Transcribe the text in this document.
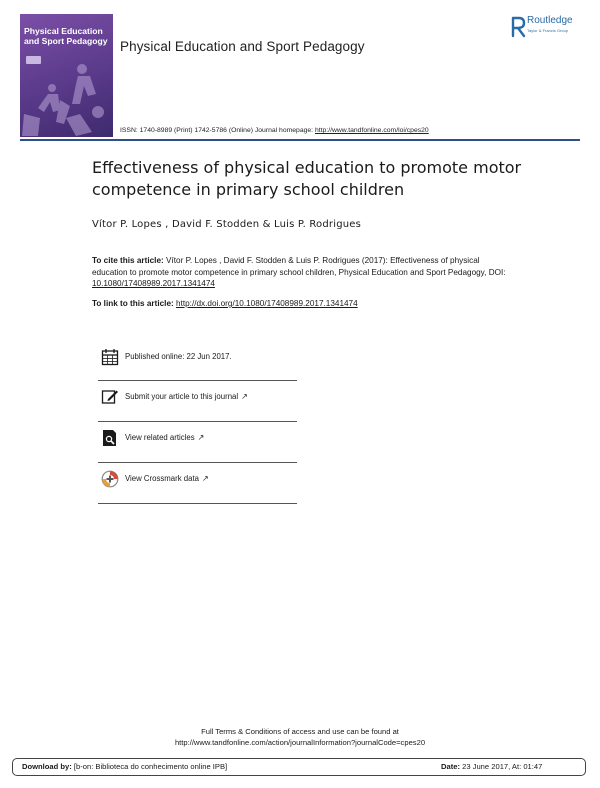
Physical Education
and Sport Pedagogy Physical Education and Sport Pedagogy
Routledge
Taylor & Francis Group
ISSN: 1740-8989 (Print) 1742-5786 (Online) Journal homepage: http://www.tandfonline.com/loi/cpes20
Effectiveness of physical education to promote motor competence in primary school children
Vítor P. Lopes , David F. Stodden & Luis P. Rodrigues
To cite this article: Vítor P. Lopes , David F. Stodden & Luis P. Rodrigues (2017): Effectiveness of physical education to promote motor competence in primary school children, Physical Education and Sport Pedagogy, DOI: 10.1080/17408989.2017.1341474
To link to this article: http://dx.doi.org/10.1080/17408989.2017.1341474
Published online: 22 Jun 2017.
Submit your article to this journal ↗
View related articles ↗
View Crossmark data ↗
Full Terms & Conditions of access and use can be found at
http://www.tandfonline.com/action/journalInformation?journalCode=cpes20
Download by: [b-on: Biblioteca do conhecimento online IPB]	Date: 23 June 2017, At: 01:47
